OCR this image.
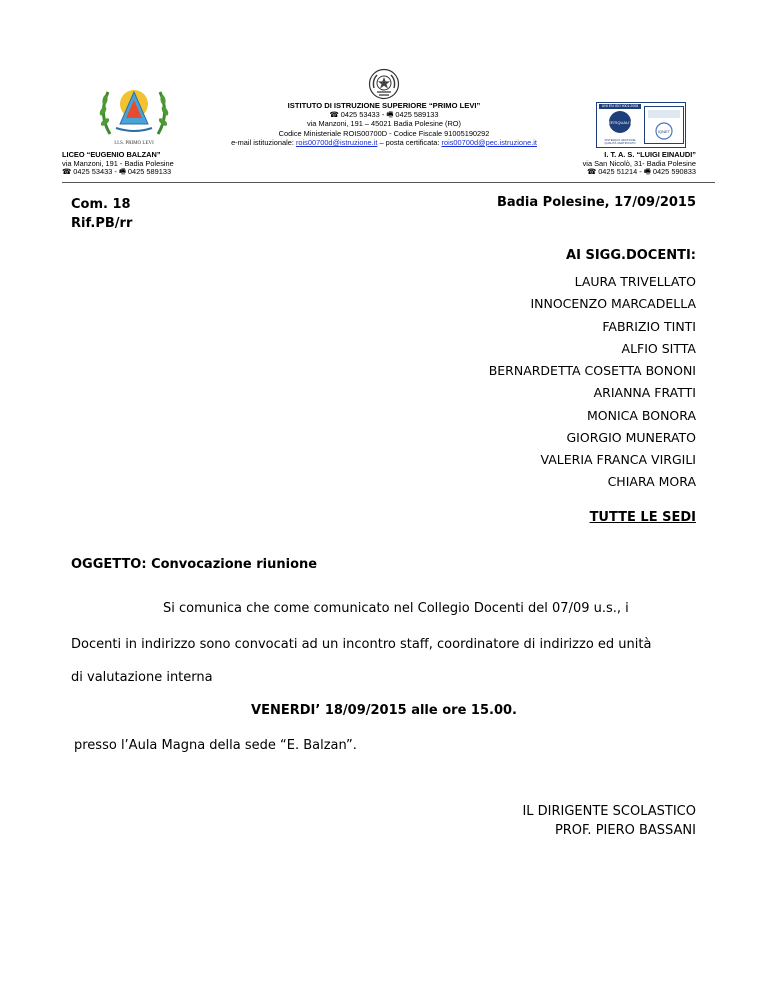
I.I.S. PRIMO LEVI
UNI EN ISO 9001:2008
CERTIQUALITY
SISTEMA DI GESTIONE QUALITÀ CERTIFICATO
IQNET
ISTITUTO DI ISTRUZIONE SUPERIORE “PRIMO LEVI”
☎ 0425 53433 - 🖷 0425 589133
via Manzoni, 191 – 45021 Badia Polesine (RO)
Codice Ministeriale ROIS00700D - Codice Fiscale 91005190292
e-mail istituzionale: rois00700d@istruzione.it – posta certificata: rois00700d@pec.istruzione.it
LICEO “EUGENIO BALZAN”
via Manzoni, 191 - Badia Polesine
☎ 0425 53433 - 🖷 0425 589133
I. T. A. S. “LUIGI EINAUDI”
via San Nicolò, 31- Badia Polesine
☎ 0425 51214 - 🖷 0425 590833
Com. 18
Rif.PB/rr
Badia Polesine, 17/09/2015
AI SIGG.DOCENTI:
LAURA TRIVELLATO
INNOCENZO MARCADELLA
FABRIZIO TINTI
ALFIO SITTA
BERNARDETTA COSETTA BONONI
ARIANNA FRATTI
MONICA BONORA
GIORGIO MUNERATO
VALERIA FRANCA VIRGILI
CHIARA MORA
TUTTE LE SEDI
OGGETTO: Convocazione riunione
Si comunica che come comunicato nel Collegio Docenti del 07/09 u.s., i
Docenti in indirizzo sono convocati ad un incontro staff, coordinatore di indirizzo ed unità
di valutazione interna
VENERDI’ 18/09/2015 alle ore 15.00.
presso l’Aula Magna della sede “E. Balzan”.
IL DIRIGENTE SCOLASTICO
PROF. PIERO BASSANI
